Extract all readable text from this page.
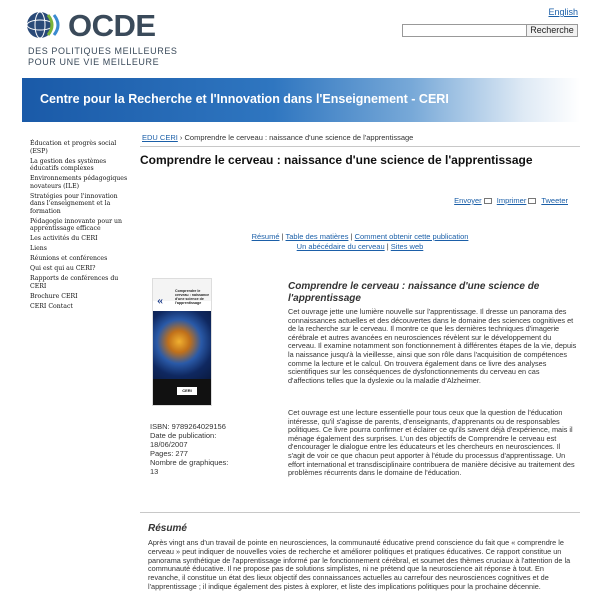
OCDE
DES POLITIQUES MEILLEURES
POUR UNE VIE MEILLEURE
English
Recherche
Centre pour la Recherche et l'Innovation dans l'Enseignement - CERI
Éducation et progrès social (ESP)
La gestion des systèmes éducatifs complexes
Environnements pédagogiques novateurs (ILE)
Stratégies pour l'innovation dans l'enseignement et la formation
Pédagogie innovante pour un apprentissage efficace
Les activités du CERI
Liens
Réunions et conférences
Qui est qui au CERI?
Rapports de conférences du CERI
Brochure CERI
CERI Contact
EDU CERI › Comprendre le cerveau : naissance d'une science de l'apprentissage
Comprendre le cerveau : naissance d'une science de l'apprentissage
Envoyer Imprimer Tweeter
Résumé | Table des matières | Comment obtenir cette publication
Un abécédaire du cerveau | Sites web
«
Comprendre le cerveau : naissance d'une science de l'apprentissage
CERI
ISBN: 9789264029156
Date de publication:
18/06/2007
Pages: 277
Nombre de graphiques:
13
Comprendre le cerveau : naissance d'une science de l'apprentissage

Cet ouvrage jette une lumière nouvelle sur l'apprentissage. Il dresse un panorama des connaissances actuelles et des découvertes dans le domaine des sciences cognitives et de la recherche sur le cerveau. Il montre ce que les dernières techniques d'imagerie cérébrale et autres avancées en neurosciences révèlent sur le développement du cerveau. Il examine notamment son fonctionnement à différentes étapes de la vie, depuis la naissance jusqu'à la vieillesse, ainsi que son rôle dans l'acquisition de compétences comme la lecture et le calcul. On trouvera également dans ce livre des analyses scientifiques sur les conséquences de dysfonctionnements du cerveau en cas d'affections telles que la dyslexie ou la maladie d'Alzheimer.

Cet ouvrage est une lecture essentielle pour tous ceux que la question de l'éducation intéresse, qu'il s'agisse de parents, d'enseignants, d'apprenants ou de responsables politiques. Ce livre pourra confirmer et éclairer ce qu'ils savent déjà d'expérience, mais il ménage également des surprises. L'un des objectifs de Comprendre le cerveau est d'encourager le dialogue entre les éducateurs et les chercheurs en neurosciences. Il s'agit de voir ce que chacun peut apporter à l'étude du processus d'apprentissage. Un effort international et transdisciplinaire contribuera de manière décisive au traitement des problèmes récurrents dans le domaine de l'éducation.

Résumé

Après vingt ans d'un travail de pointe en neurosciences, la communauté éducative prend conscience du fait que « comprendre le cerveau » peut indiquer de nouvelles voies de recherche et améliorer politiques et pratiques éducatives. Ce rapport constitue un panorama synthétique de l'apprentissage informé par le fonctionnement cérébral, et soumet des thèmes cruciaux à l'attention de la communauté éducative. Il ne propose pas de solutions simplistes, ni ne prétend que la neuroscience ait réponse à tout. En revanche, il constitue un état des lieux objectif des connaissances actuelles au carrefour des neurosciences cognitives et de l'apprentissage ; il indique également des pistes à explorer, et liste des implications politiques pour la prochaine décennie.
